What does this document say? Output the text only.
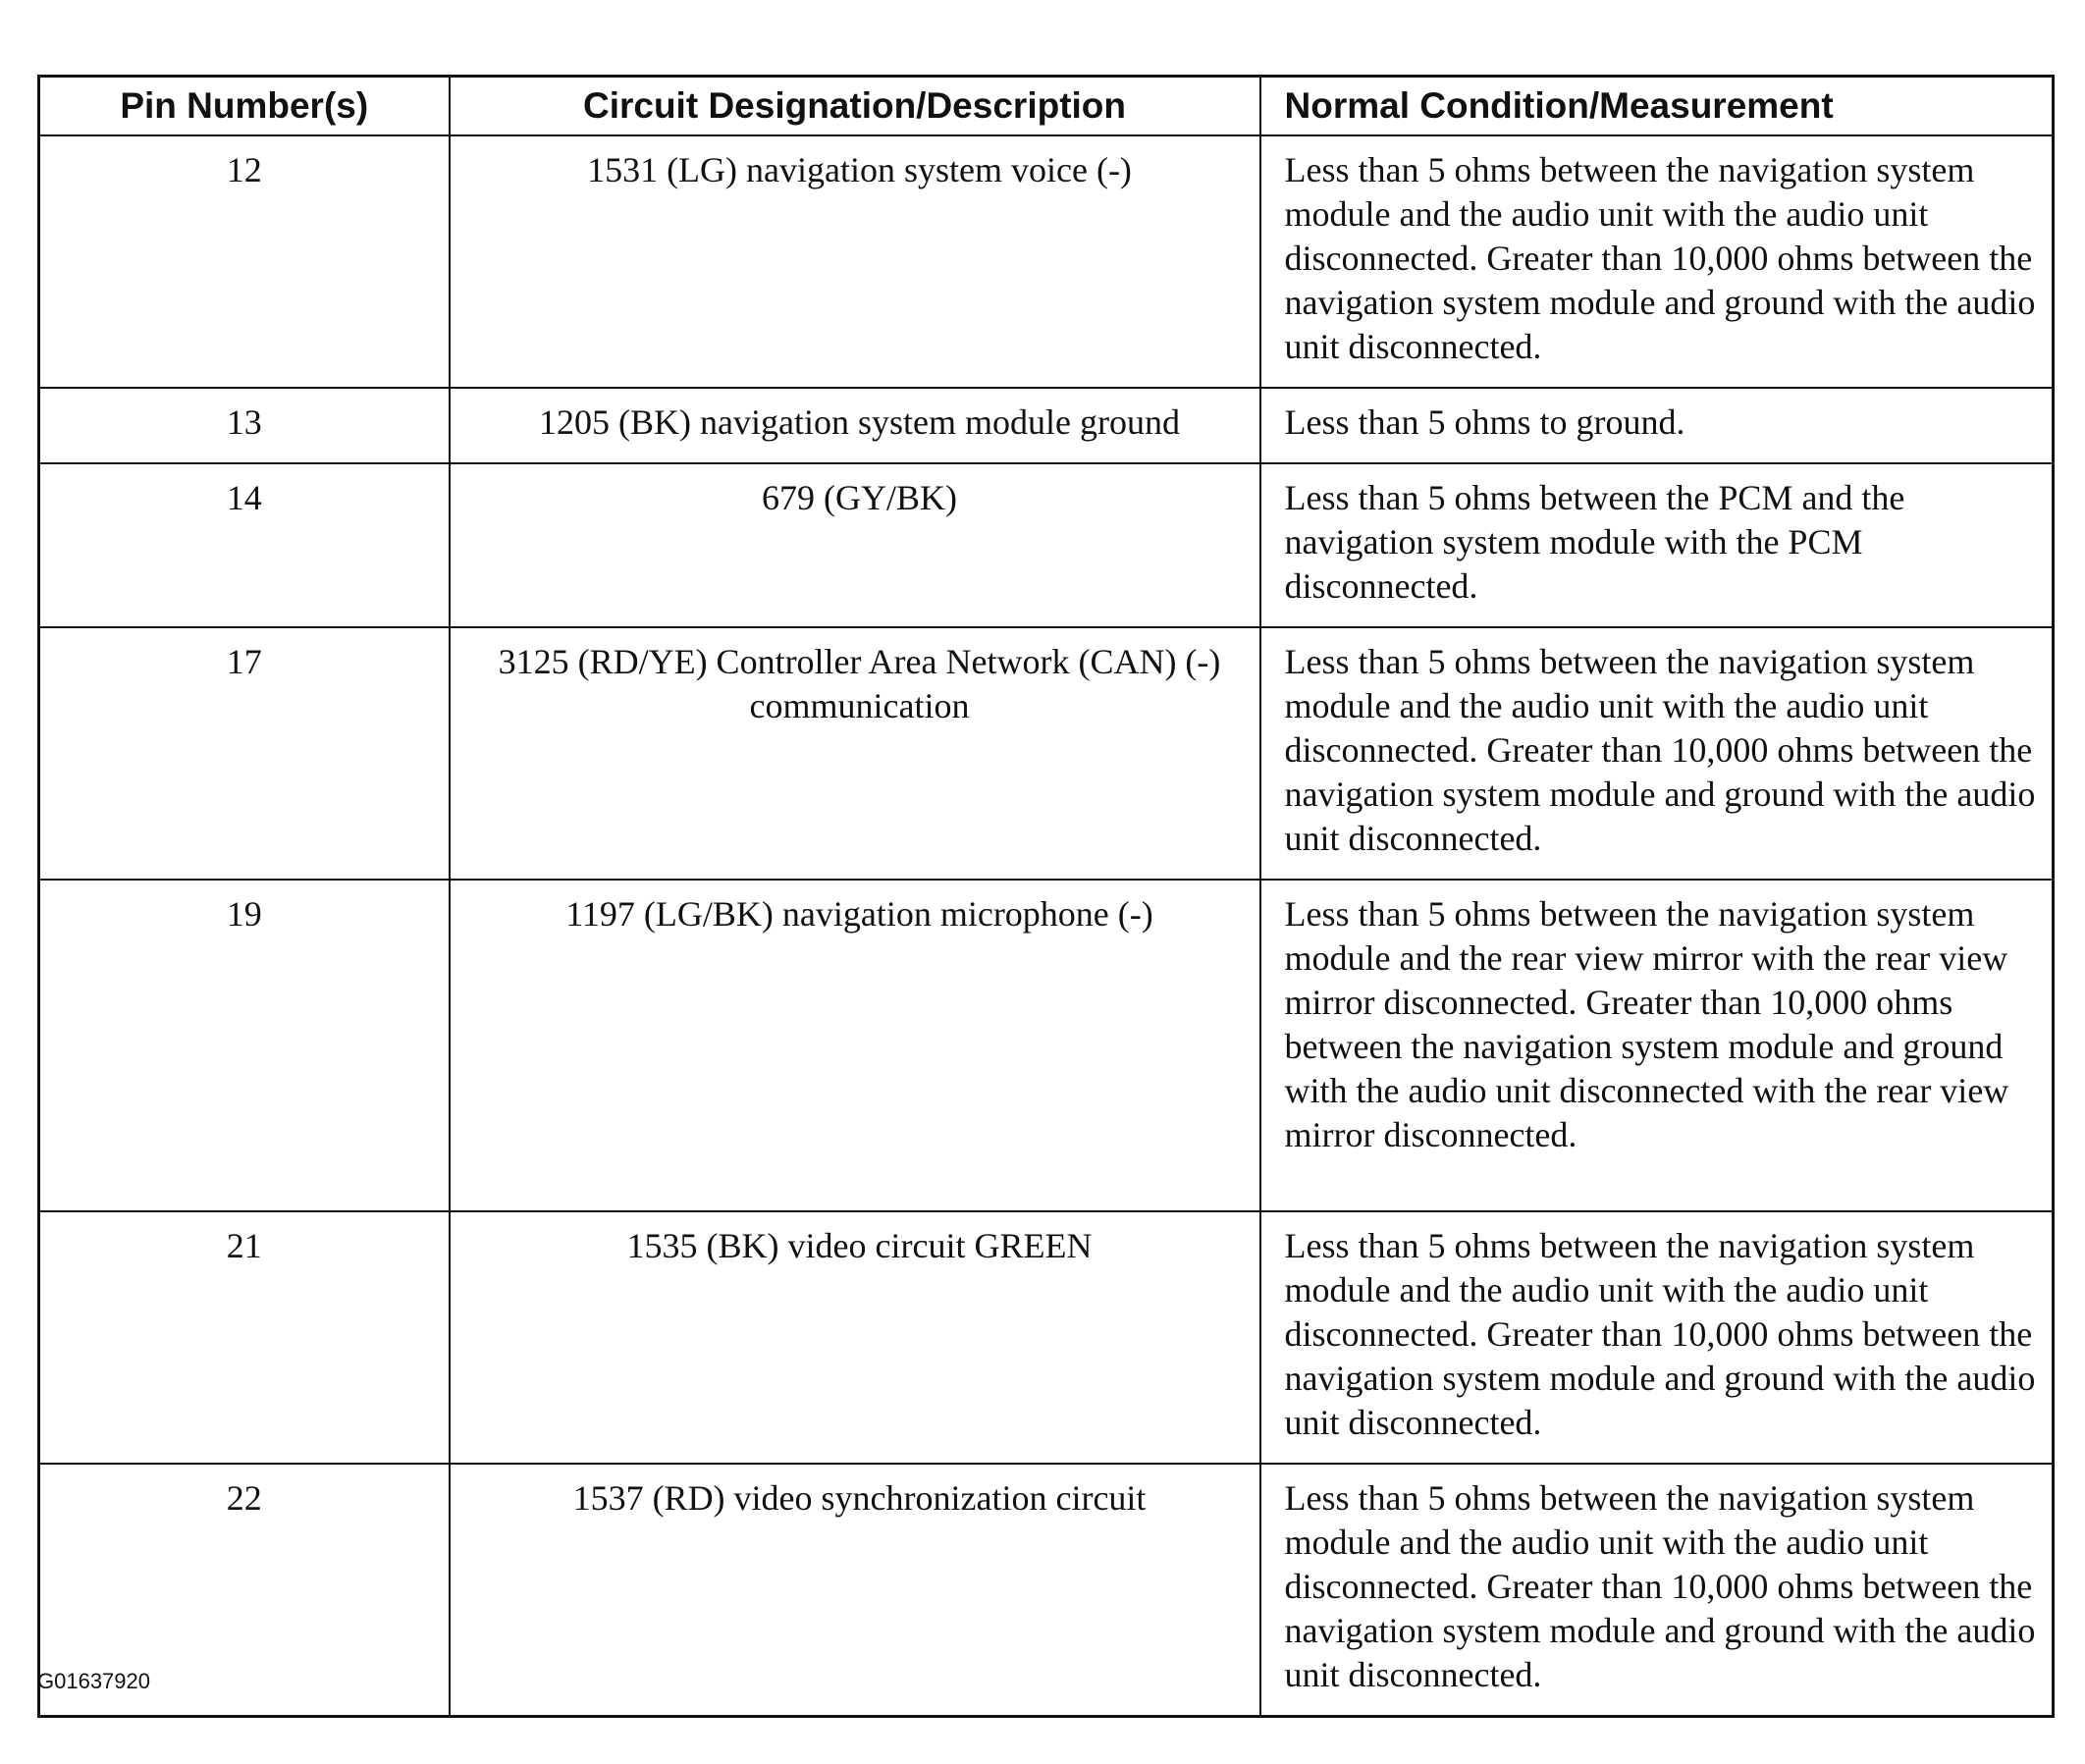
Pin Number(s)	Circuit Designation/Description	Normal Condition/Measurement
12	1531 (LG) navigation system voice (-)	Less than 5 ohms between the navigation system module and the audio unit with the audio unit disconnected. Greater than 10,000 ohms between the navigation system module and ground with the audio unit disconnected.
13	1205 (BK) navigation system module ground	Less than 5 ohms to ground.
14	679 (GY/BK)	Less than 5 ohms between the PCM and the navigation system module with the PCM disconnected.
17	3125 (RD/YE) Controller Area Network (CAN) (-) communication	Less than 5 ohms between the navigation system module and the audio unit with the audio unit disconnected. Greater than 10,000 ohms between the navigation system module and ground with the audio unit disconnected.
19	1197 (LG/BK) navigation microphone (-)	Less than 5 ohms between the navigation system module and the rear view mirror with the rear view mirror disconnected. Greater than 10,000 ohms between the navigation system module and ground with the audio unit disconnected with the rear view mirror disconnected.
21	1535 (BK) video circuit GREEN	Less than 5 ohms between the navigation system module and the audio unit with the audio unit disconnected. Greater than 10,000 ohms between the navigation system module and ground with the audio unit disconnected.
22	1537 (RD) video synchronization circuit	Less than 5 ohms between the navigation system module and the audio unit with the audio unit disconnected. Greater than 10,000 ohms between the navigation system module and ground with the audio unit disconnected.
G01637920
